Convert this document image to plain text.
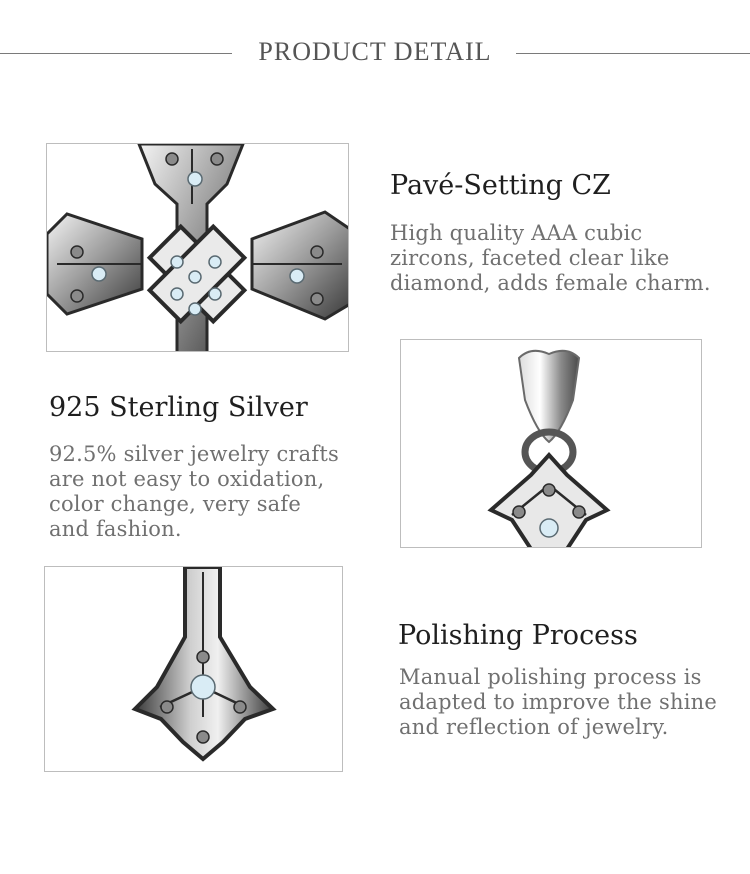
PRODUCT DETAIL
Pavé-Setting CZ
High quality AAA cubic
zircons, faceted clear like
diamond, adds female charm.
925 Sterling Silver
92.5% silver jewelry crafts
are not easy to oxidation,
color change, very safe
and fashion.
Polishing Process
Manual polishing process is
adapted to improve the shine
and reflection of jewelry.
